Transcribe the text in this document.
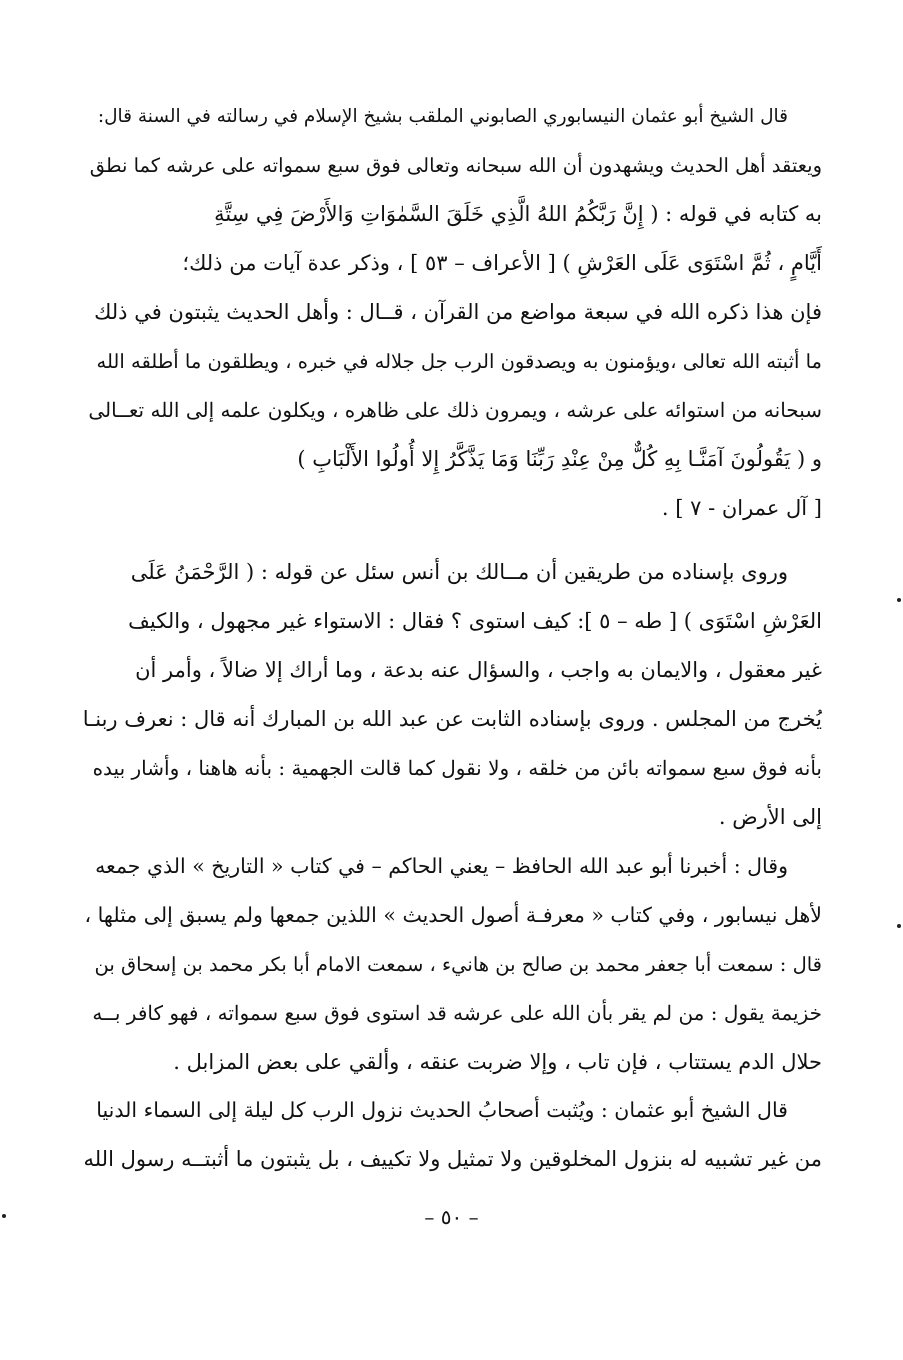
قال الشيخ أبو عثمان النيسابوري الصابوني الملقب بشيخ الإسلام في رسالته في السنة قال:
ويعتقد أهل الحديث ويشهدون أن الله سبحانه وتعالى فوق سبع سمواته على عرشه كما نطق
به كتابه في قوله : ( إِنَّ رَبَّكُمُ اللهُ الَّذِي خَلَقَ السَّمٰوَاتِ وَالأَرْضَ فِي سِتَّةِ
أَيَّامٍ ، ثُمَّ اسْتَوَى عَلَى العَرْشِ ) [ الأعراف – ٥٣ ] ، وذكر عدة آيات من ذلك؛
فإن هذا ذكره الله في سبعة مواضع من القرآن ، قــال : وأهل الحديث يثبتون في ذلك
ما أثبته الله تعالى ،ويؤمنون به ويصدقون الرب جل جلاله في خبره ، ويطلقون ما أطلقه الله
سبحانه من استوائه على عرشه ، ويمرون ذلك على ظاهره ، ويكلون علمه إلى الله تعــالى
و ( يَقُولُونَ آمَنَّـا بِهِ كُلٌّ مِنْ عِنْدِ رَبِّنَا وَمَا يَذَّكَّرُ إِلا أُولُوا الأَلْبَابِ )
[ آل عمران - ٧ ] .
وروى بإسناده من طريقين أن مــالك بن أنس سئل عن قوله : ( الرَّحْمَنُ عَلَى
العَرْشِ اسْتَوَى ) [ طه – ٥ ]: كيف استوى ؟ فقال : الاستواء غير مجهول ، والكيف
غير معقول ، والايمان به واجب ، والسؤال عنه بدعة ، وما أراك إلا ضالاً ، وأمر أن
يُخرج من المجلس . وروى بإسناده الثابت عن عبد الله بن المبارك أنه قال : نعرف ربنـا
بأنه فوق سبع سمواته بائن من خلقه ، ولا نقول كما قالت الجهمية : بأنه هاهنا ، وأشار بيده
إلى الأرض .
وقال : أخبرنا أبو عبد الله الحافظ – يعني الحاكم – في كتاب « التاريخ » الذي جمعه
لأهل نيسابور ، وفي كتاب « معرفـة أصول الحديث » اللذين جمعها ولم يسبق إلى مثلها ،
قال : سمعت أبا جعفر محمد بن صالح بن هانيء ، سمعت الامام أبا بكر محمد بن إسحاق بن
خزيمة يقول : من لم يقر بأن الله على عرشه قد استوى فوق سبع سمواته ، فهو كافر بــه
حلال الدم يستتاب ، فإن تاب ، وإلا ضربت عنقه ، وألقي على بعض المزابل .
قال الشيخ أبو عثمان : ويُثبت أصحابُ الحديث نزول الرب كل ليلة إلى السماء الدنيا
من غير تشبيه له بنزول المخلوقين ولا تمثيل ولا تكييف ، بل يثبتون ما أثبتــه رسول الله
– ٥٠ –
